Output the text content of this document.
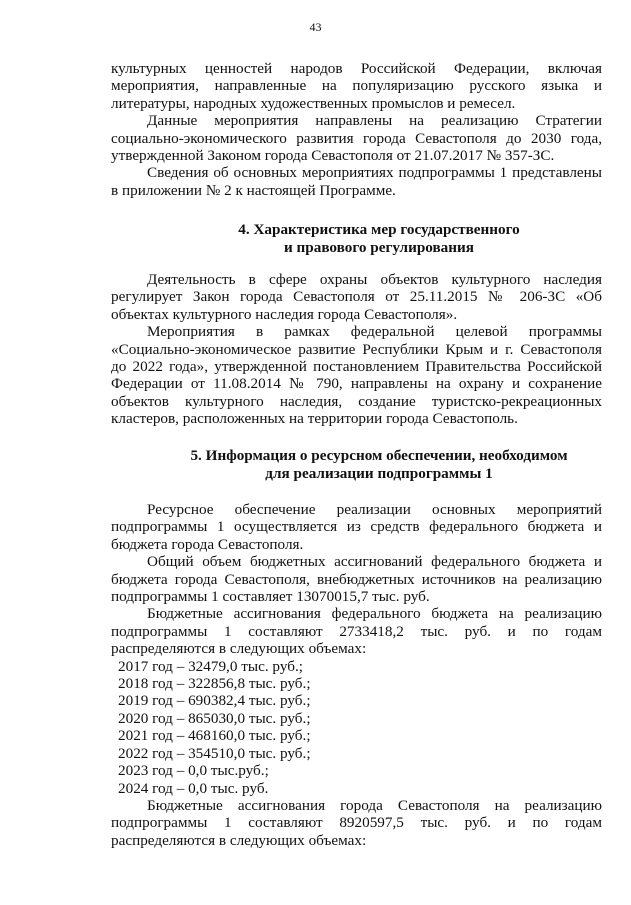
43

культурных ценностей народов Российской Федерации, включая мероприятия, направленные на популяризацию русского языка и литературы, народных художественных промыслов и ремесел.

Данные мероприятия направлены на реализацию Стратегии социально-экономического развития города Севастополя до 2030 года, утвержденной Законом города Севастополя от 21.07.2017 № 357-ЗС.

Сведения об основных мероприятиях подпрограммы 1 представлены в приложении № 2 к настоящей Программе.

4. Характеристика мер государственного
и правового регулирования

Деятельность в сфере охраны объектов культурного наследия регулирует Закон города Севастополя от 25.11.2015 № 206-ЗС «Об объектах культурного наследия города Севастополя».

Мероприятия в рамках федеральной целевой программы «Социально-экономическое развитие Республики Крым и г. Севастополя до 2022 года», утвержденной постановлением Правительства Российской Федерации от 11.08.2014 № 790, направлены на охрану и сохранение объектов культурного наследия, создание туристско-рекреационных кластеров, расположенных на территории города Севастополь.

5. Информация о ресурсном обеспечении, необходимом
для реализации подпрограммы 1

Ресурсное обеспечение реализации основных мероприятий подпрограммы 1 осуществляется из средств федерального бюджета и бюджета города Севастополя.

Общий объем бюджетных ассигнований федерального бюджета и бюджета города Севастополя, внебюджетных источников на реализацию подпрограммы 1 составляет 13070015,7 тыс. руб.

Бюджетные ассигнования федерального бюджета на реализацию подпрограммы 1 составляют 2733418,2 тыс. руб. и по годам распределяются в следующих объемах:

2017 год – 32479,0 тыс. руб.;
2018 год – 322856,8 тыс. руб.;
2019 год – 690382,4 тыс. руб.;
2020 год – 865030,0 тыс. руб.;
2021 год – 468160,0 тыс. руб.;
2022 год – 354510,0 тыс. руб.;
2023 год – 0,0 тыс.руб.;
2024 год – 0,0 тыс. руб.

Бюджетные ассигнования города Севастополя на реализацию подпрограммы 1 составляют 8920597,5 тыс. руб. и по годам распределяются в следующих объемах:
